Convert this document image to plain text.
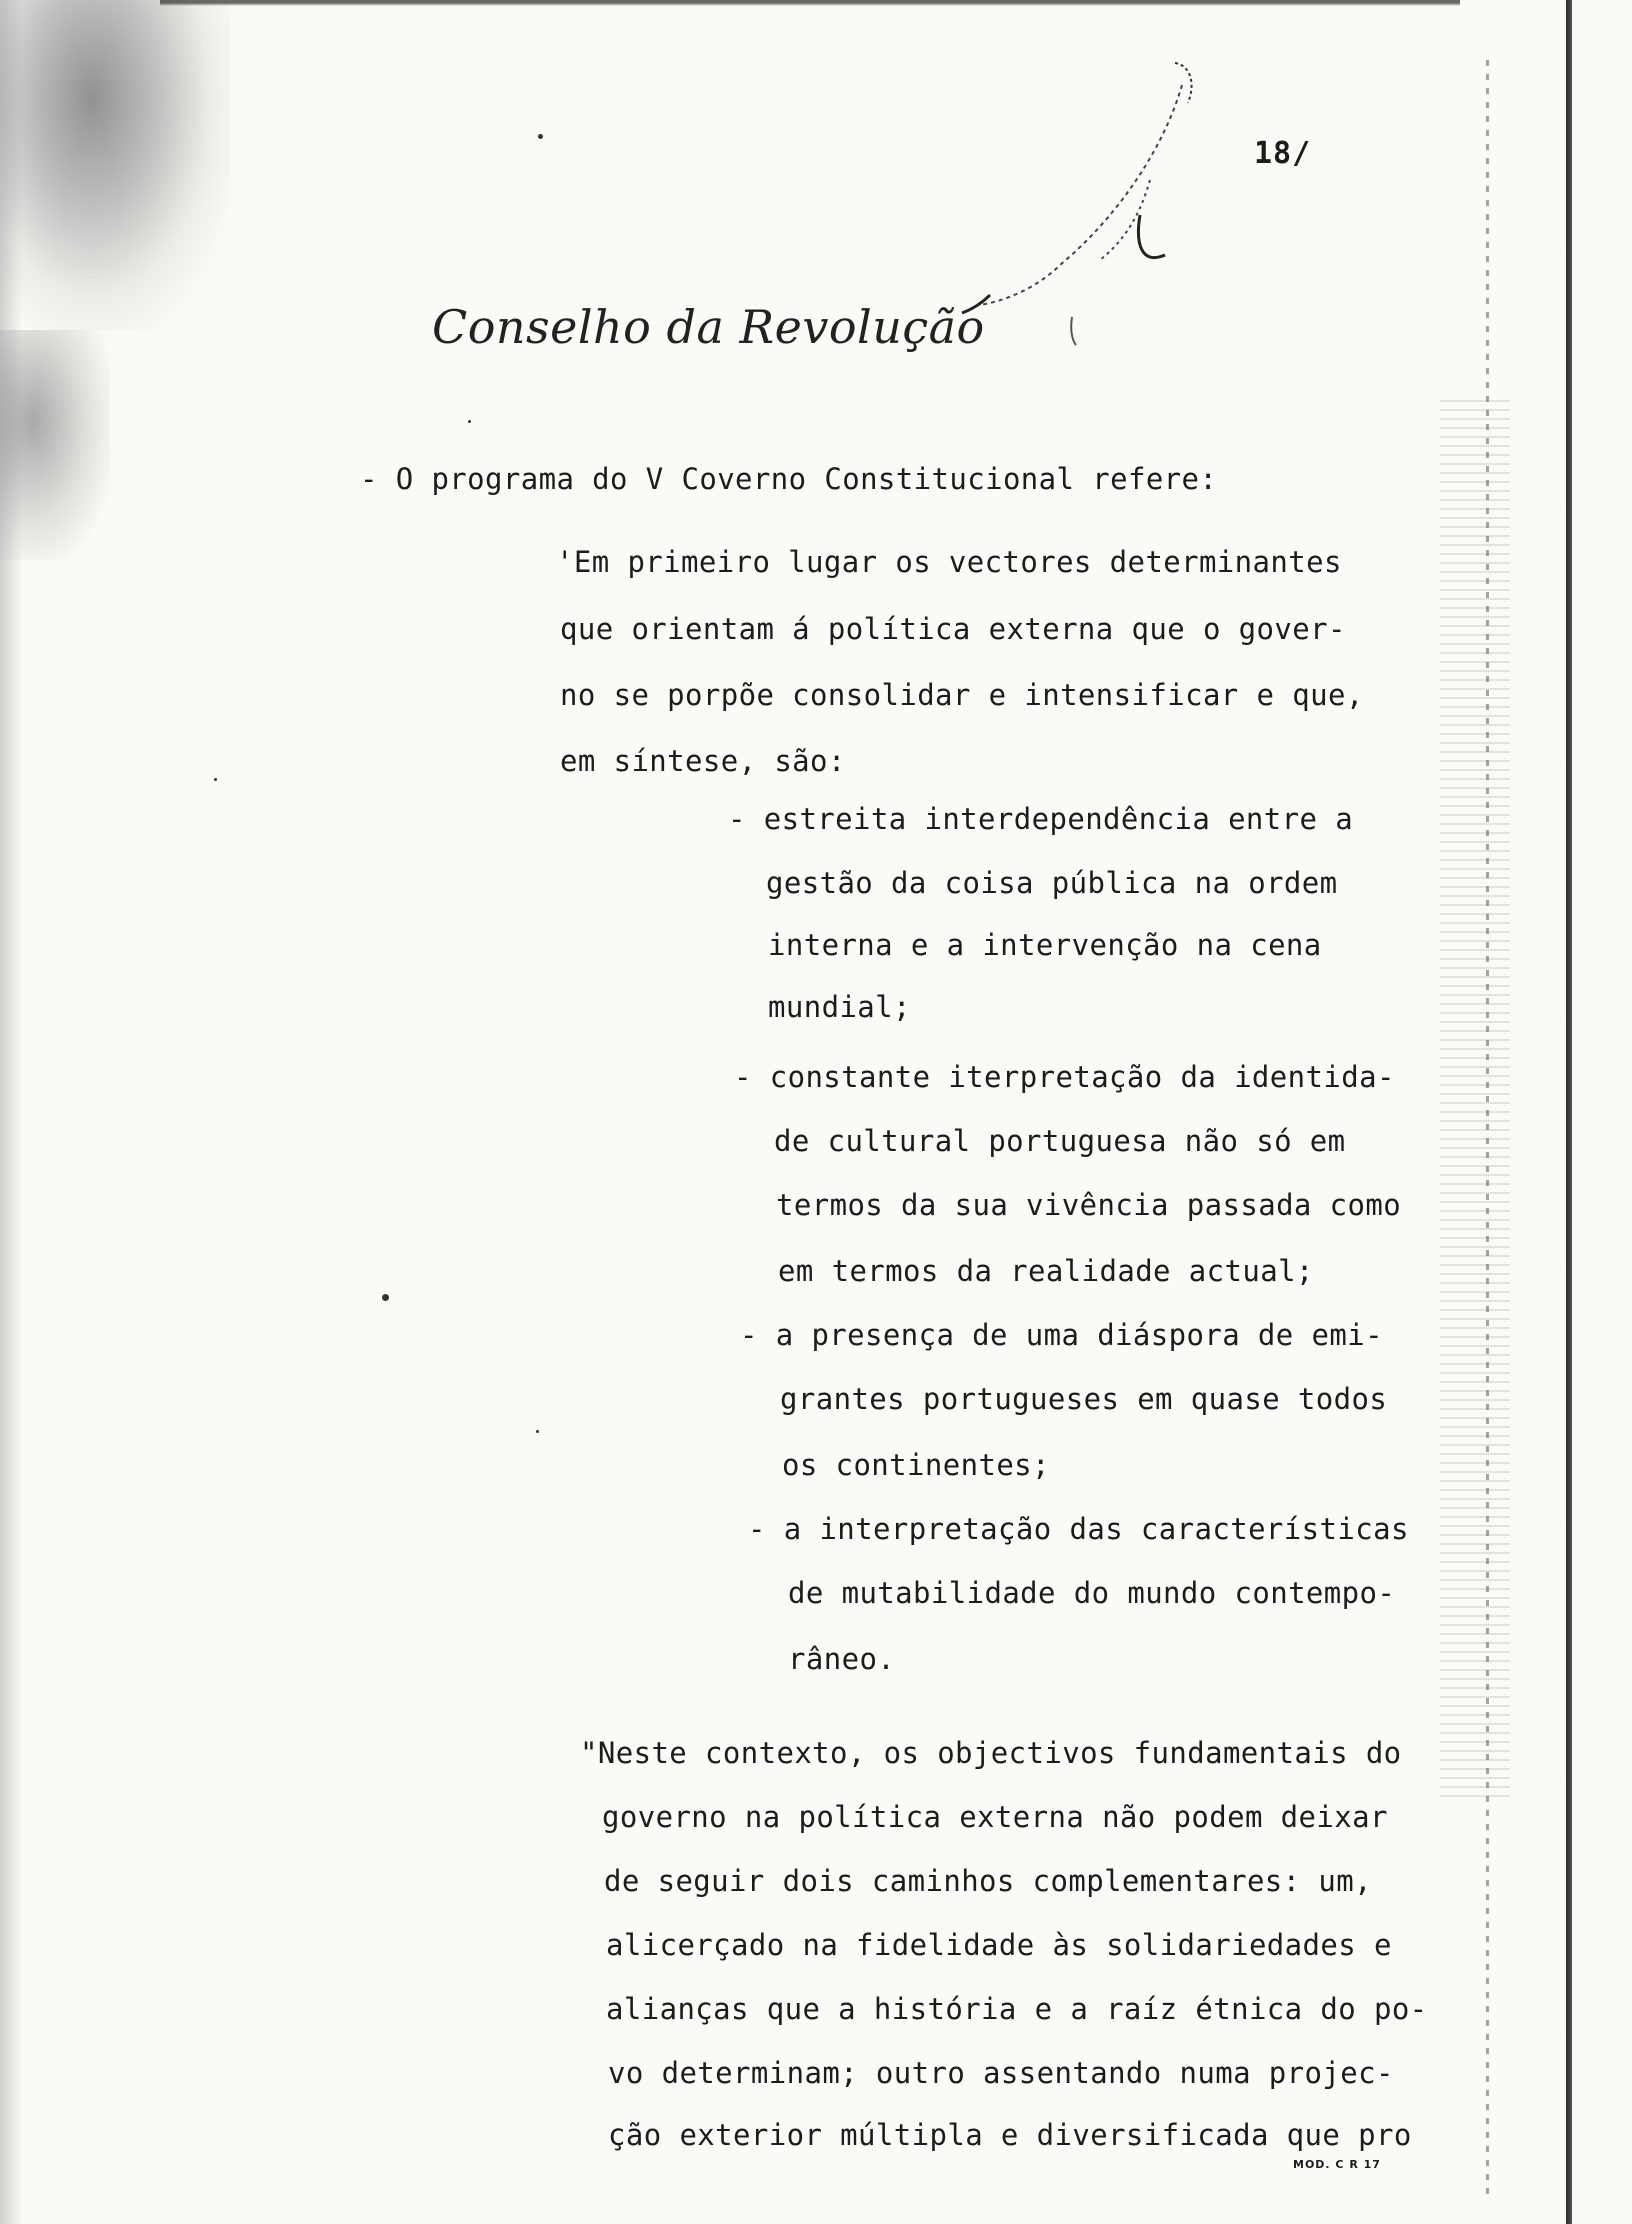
18/
Conselho da Revolução
- O programa do V Coverno Constitucional refere:
'Em primeiro lugar os vectores determinantes
que orientam á política externa que o gover-
no se porpõe consolidar e intensificar e que,
em síntese, são:
- estreita interdependência entre a
gestão da coisa pública na ordem
interna e a intervenção na cena
mundial;
- constante iterpretação da identida-
de cultural portuguesa não só em
termos da sua vivência passada como
em termos da realidade actual;
- a presença de uma diáspora de emi-
grantes portugueses em quase todos
os continentes;
- a interpretação das características
de mutabilidade do mundo contempo-
râneo.
"Neste contexto, os objectivos fundamentais do
governo na política externa não podem deixar
de seguir dois caminhos complementares: um,
alicerçado na fidelidade às solidariedades e
alianças que a história e a raíz étnica do po-
vo determinam; outro assentando numa projec-
ção exterior múltipla e diversificada que pro
MOD. C R 17
